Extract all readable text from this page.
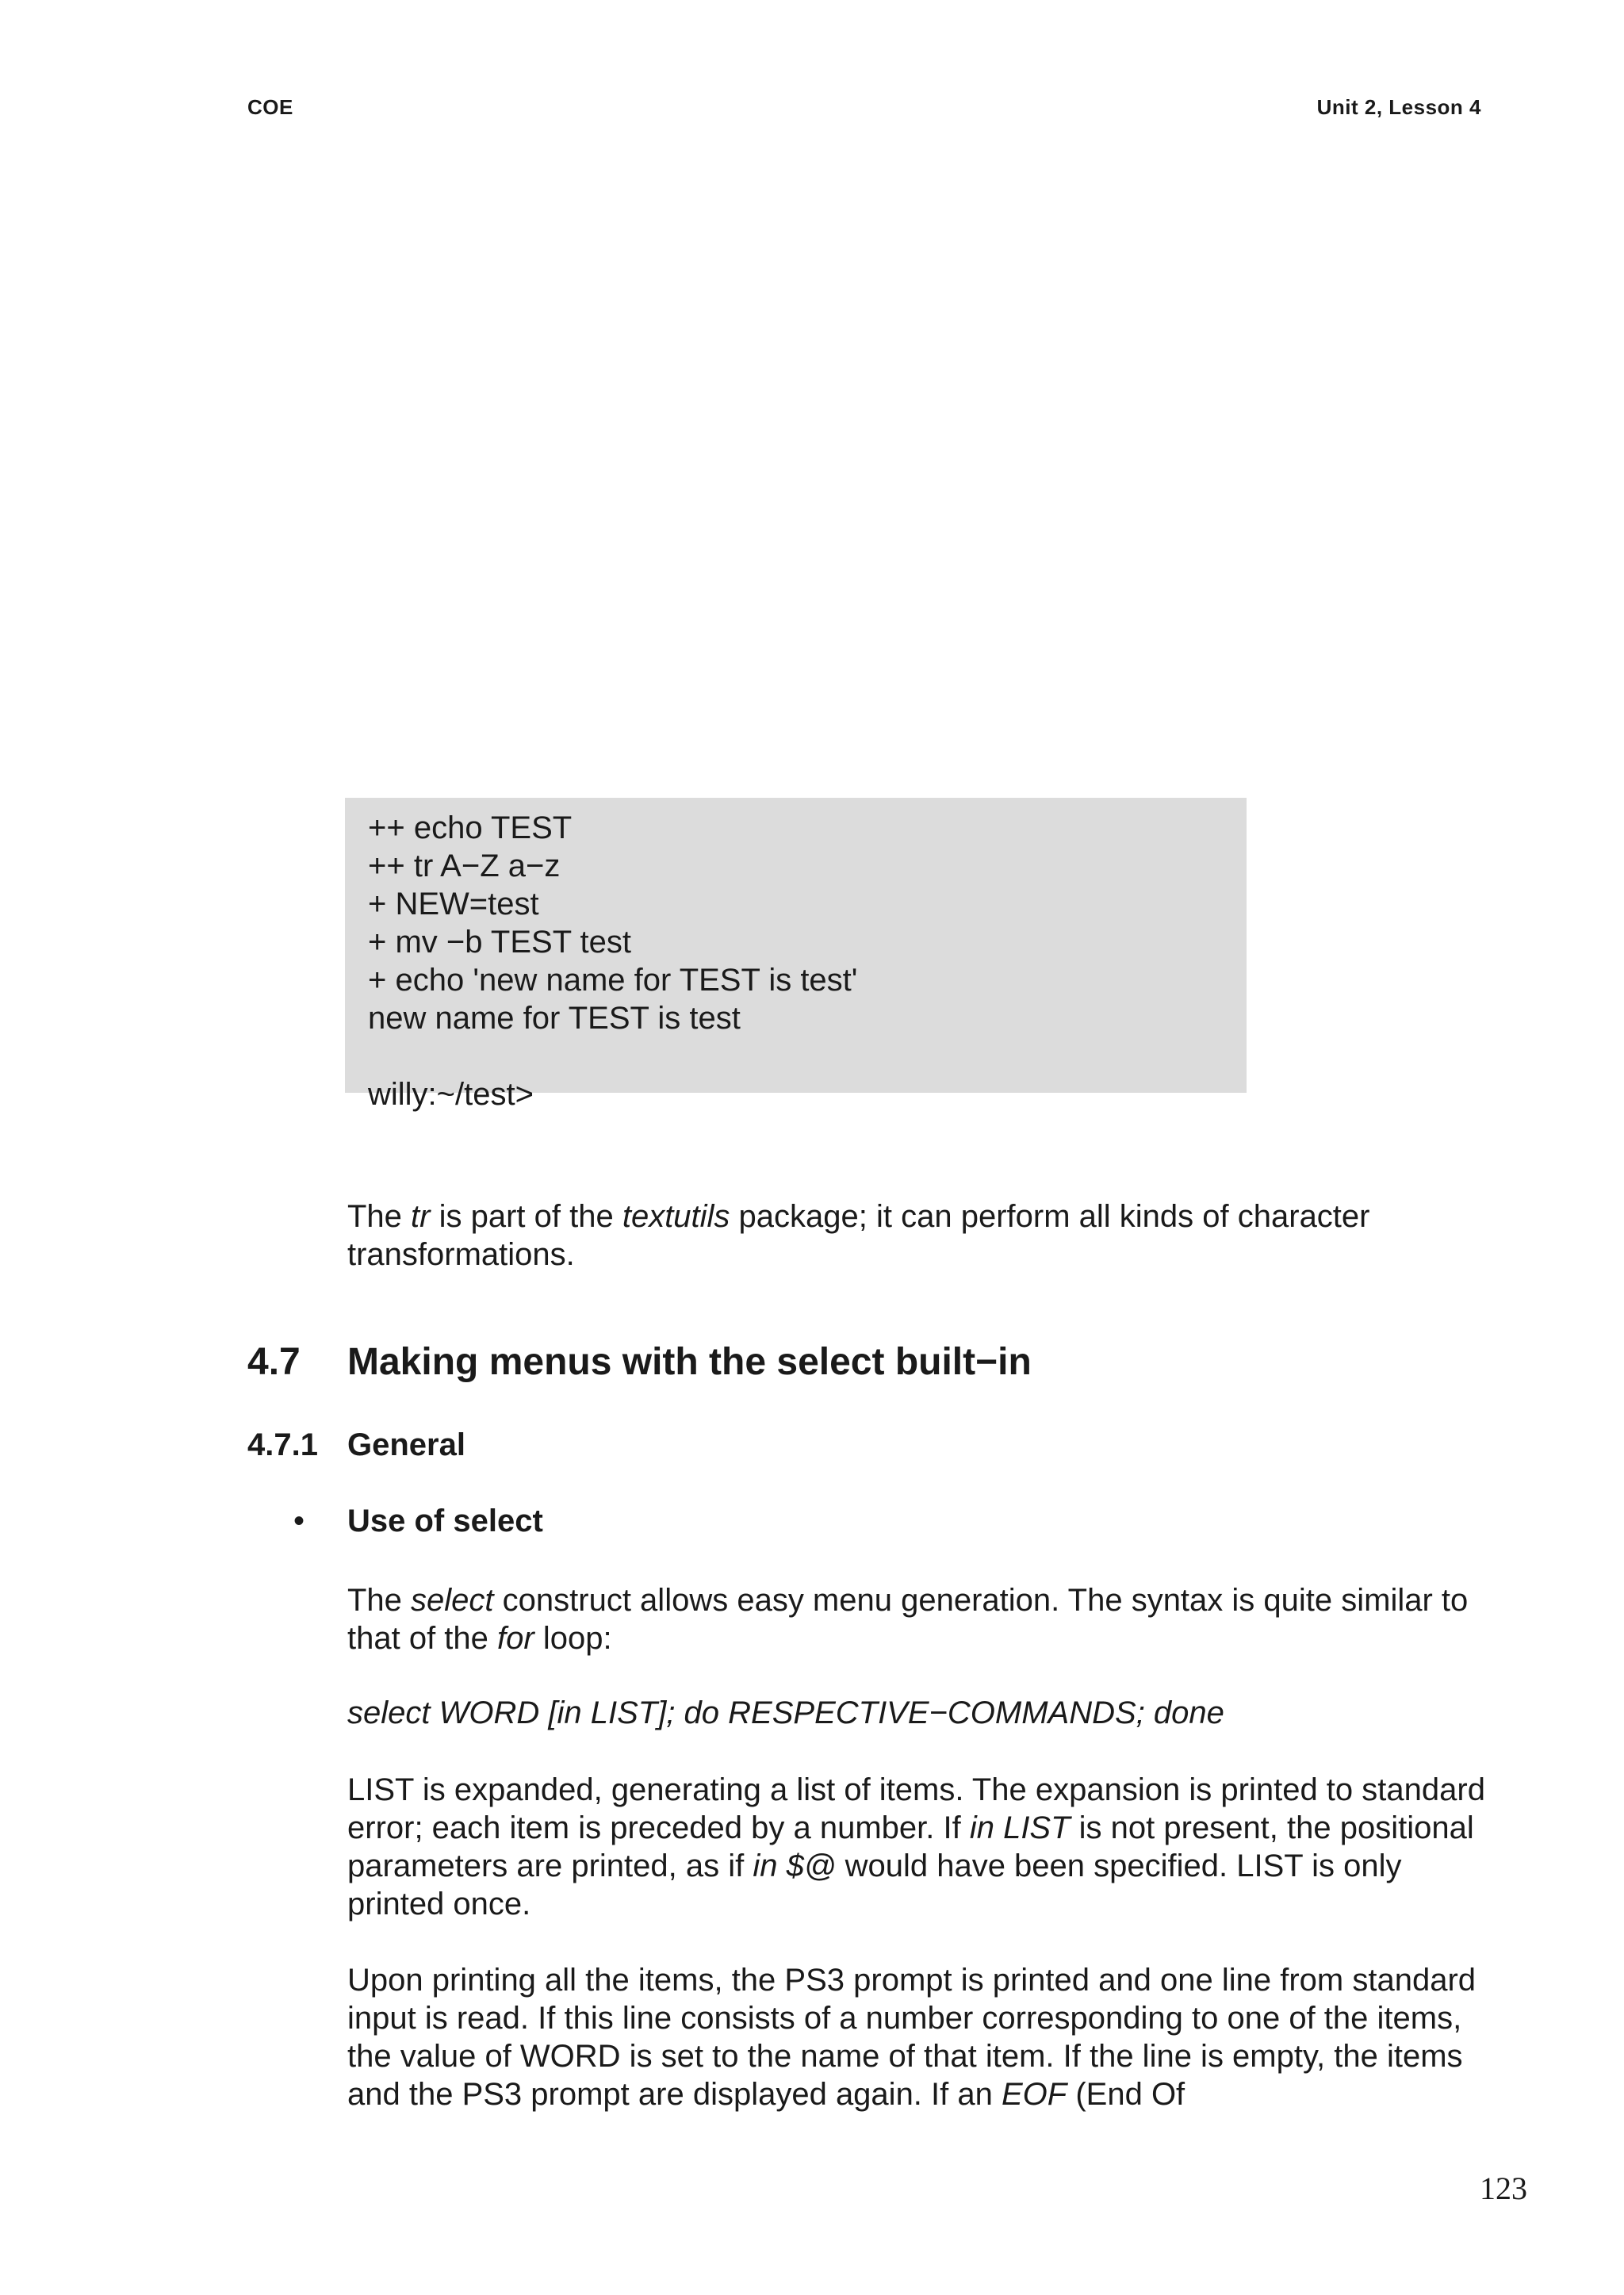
COE	Unit 2, Lesson 4
++ echo TEST
++ tr A−Z a−z
+ NEW=test
+ mv −b TEST test
+ echo 'new name for TEST is test'
new name for TEST is test
willy:~/test>

The tr is part of the textutils package; it can perform all kinds of character transformations.

4.7 Making menus with the select built−in
4.7.1 General
• Use of select

The select construct allows easy menu generation. The syntax is quite similar to that of the for loop:

select WORD [in LIST]; do RESPECTIVE−COMMANDS; done

LIST is expanded, generating a list of items. The expansion is printed to standard error; each item is preceded by a number. If in LIST is not present, the positional parameters are printed, as if in $@ would have been specified. LIST is only printed once.

Upon printing all the items, the PS3 prompt is printed and one line from standard input is read. If this line consists of a number corresponding to one of the items, the value of WORD is set to the name of that item. If the line is empty, the items and the PS3 prompt are displayed again. If an EOF (End Of

123
